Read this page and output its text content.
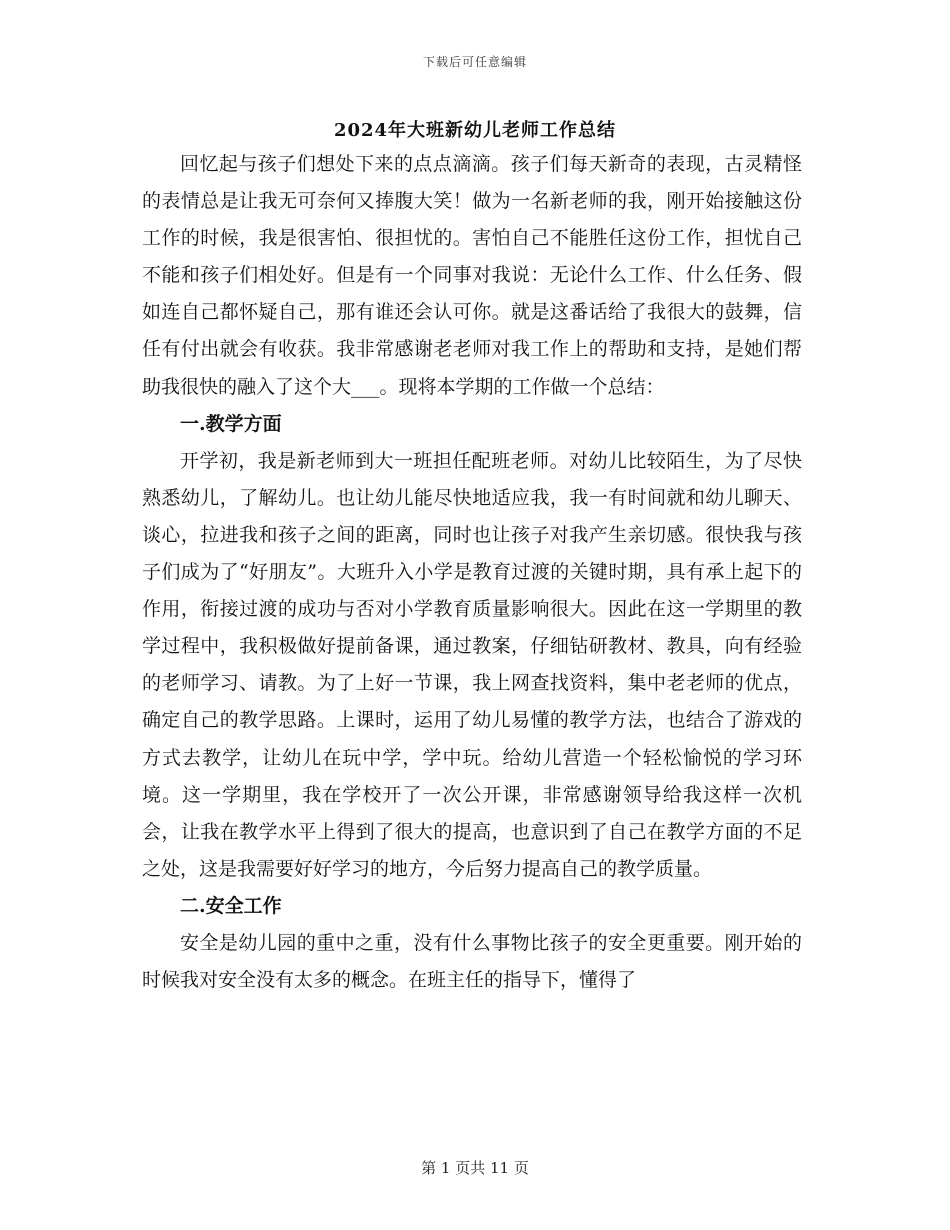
下载后可任意编辑
2024年大班新幼儿老师工作总结

回忆起与孩子们想处下来的点点滴滴。孩子们每天新奇的表现，古灵精怪的表情总是让我无可奈何又捧腹大笑！做为一名新老师的我，刚开始接触这份工作的时候，我是很害怕、很担忧的。害怕自己不能胜任这份工作，担忧自己不能和孩子们相处好。但是有一个同事对我说：无论什么工作、什么任务、假如连自己都怀疑自己，那有谁还会认可你。就是这番话给了我很大的鼓舞，信任有付出就会有收获。我非常感谢老老师对我工作上的帮助和支持，是她们帮助我很快的融入了这个大___。现将本学期的工作做一个总结：

一.教学方面

开学初，我是新老师到大一班担任配班老师。对幼儿比较陌生，为了尽快熟悉幼儿，了解幼儿。也让幼儿能尽快地适应我，我一有时间就和幼儿聊天、谈心，拉进我和孩子之间的距离，同时也让孩子对我产生亲切感。很快我与孩子们成为了“好朋友”。大班升入小学是教育过渡的关键时期，具有承上起下的作用，衔接过渡的成功与否对小学教育质量影响很大。因此在这一学期里的教学过程中，我积极做好提前备课，通过教案，仔细钻研教材、教具，向有经验的老师学习、请教。为了上好一节课，我上网查找资料，集中老老师的优点，确定自己的教学思路。上课时，运用了幼儿易懂的教学方法，也结合了游戏的方式去教学，让幼儿在玩中学，学中玩。给幼儿营造一个轻松愉悦的学习环境。这一学期里，我在学校开了一次公开课，非常感谢领导给我这样一次机会，让我在教学水平上得到了很大的提高，也意识到了自己在教学方面的不足之处，这是我需要好好学习的地方，今后努力提高自己的教学质量。

二.安全工作

安全是幼儿园的重中之重，没有什么事物比孩子的安全更重要。刚开始的时候我对安全没有太多的概念。在班主任的指导下，懂得了

第 1 页共 11 页
